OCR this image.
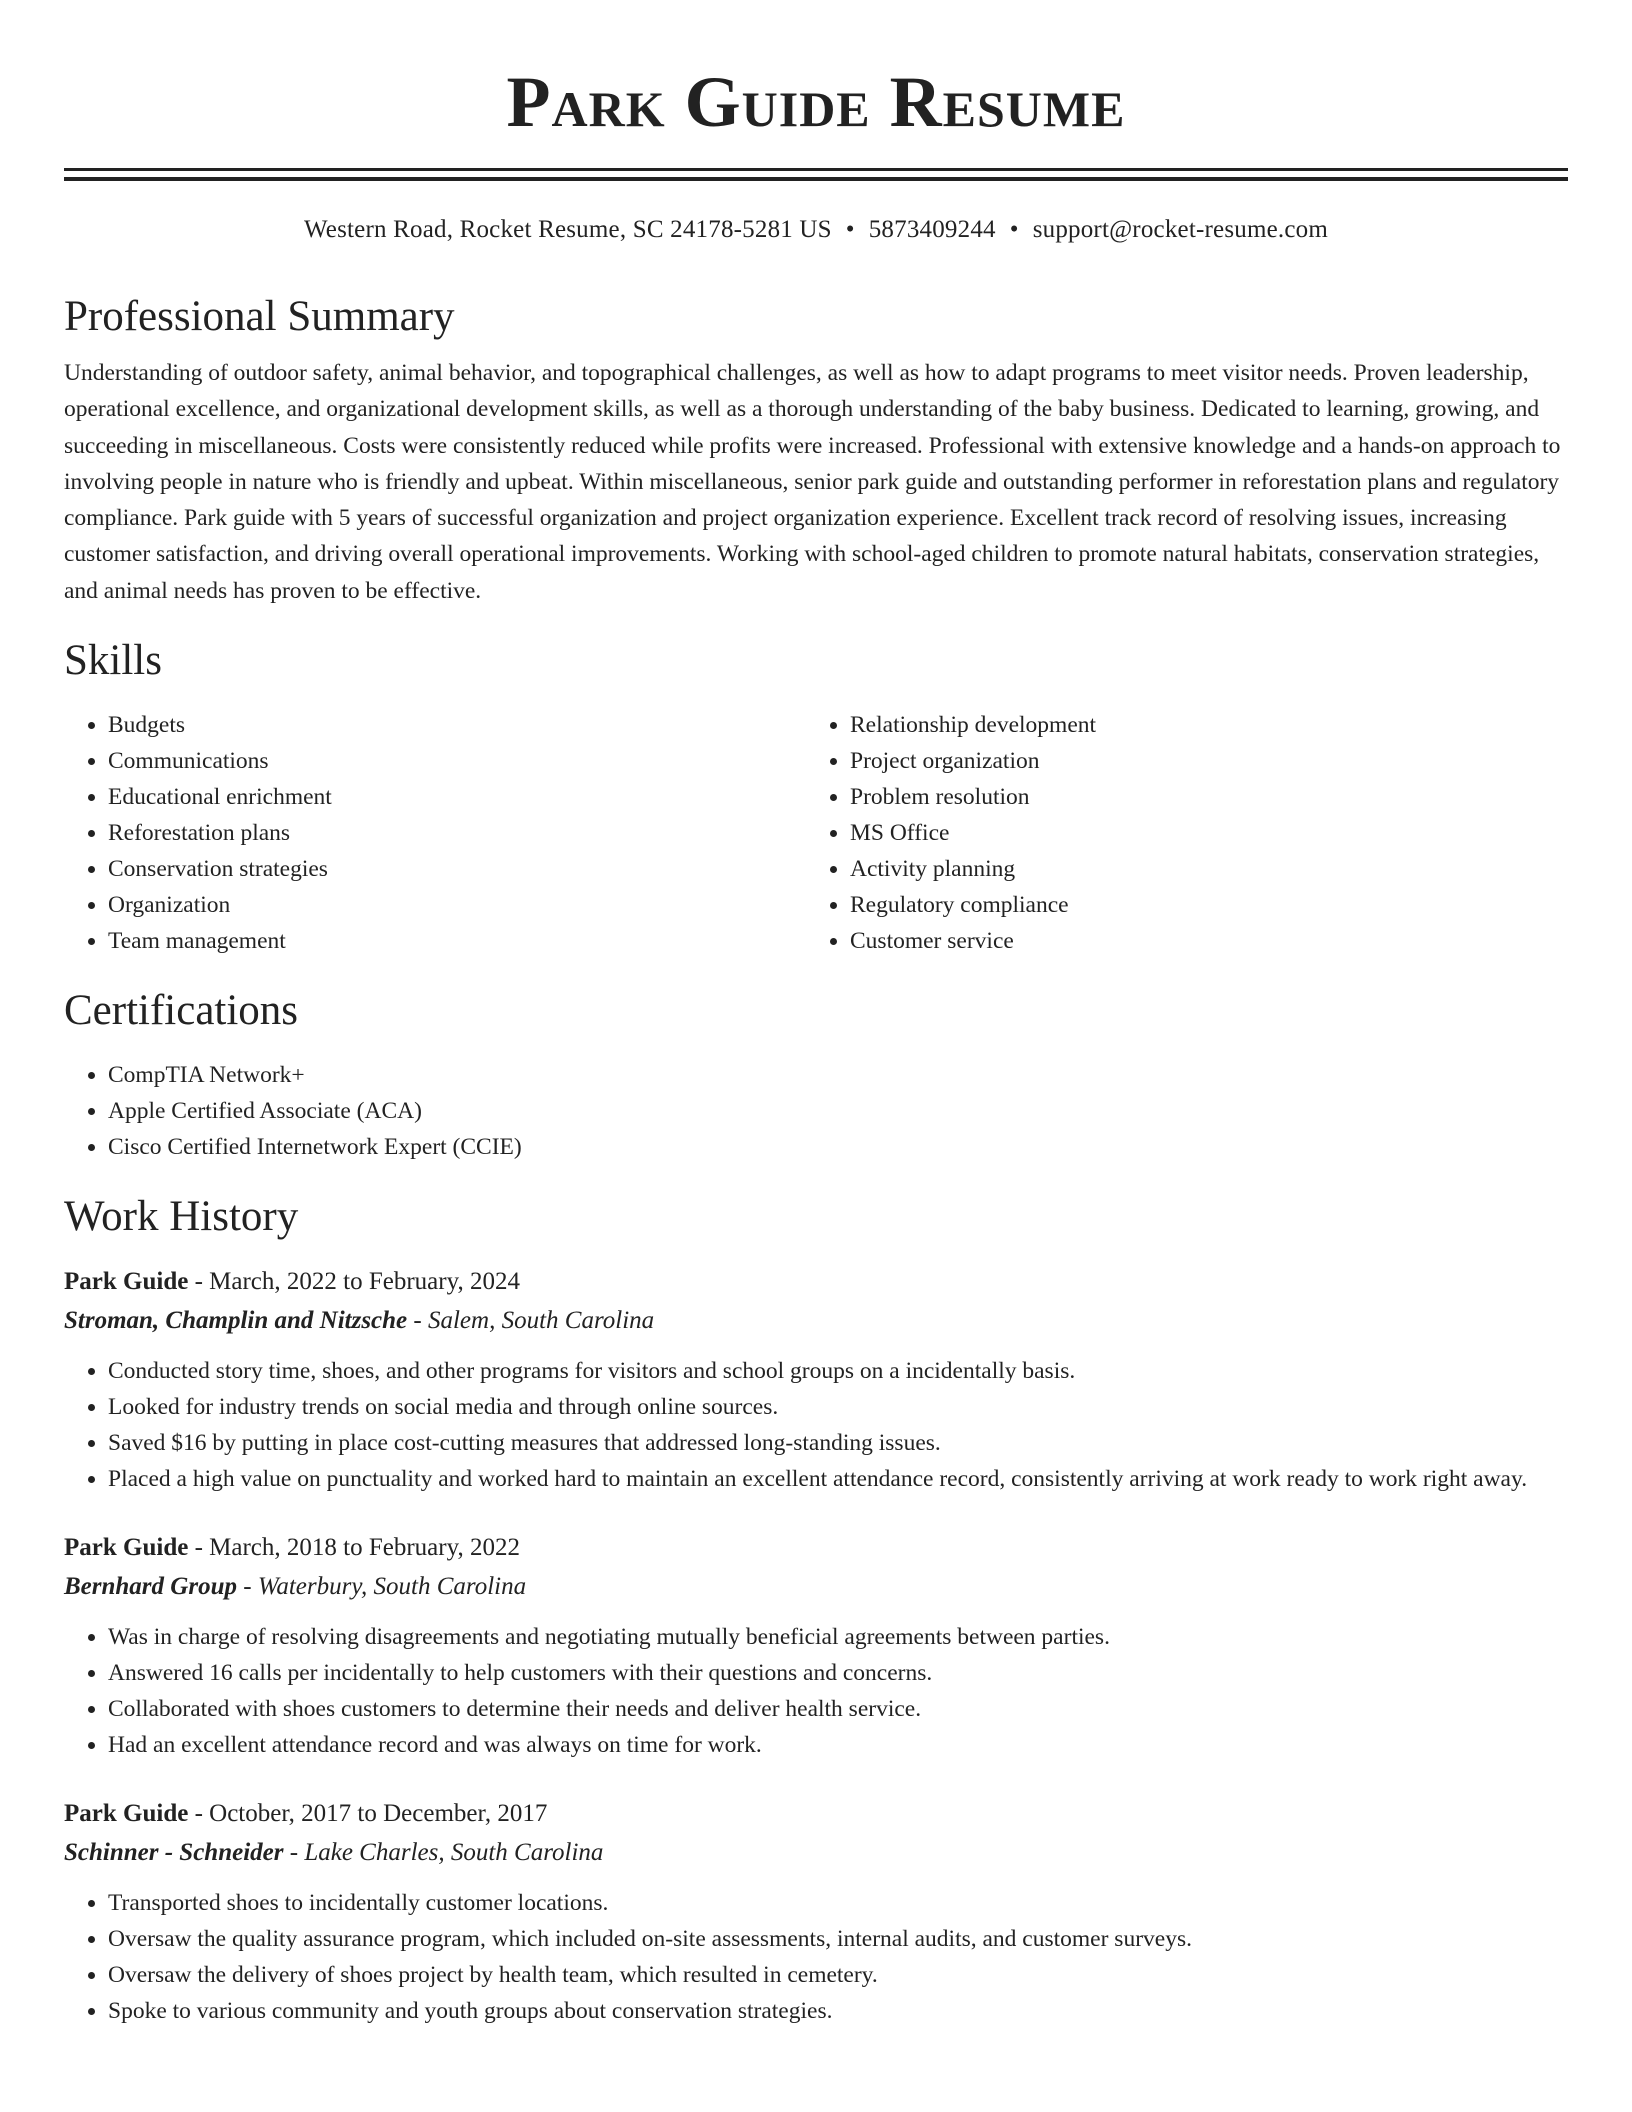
Park Guide Resume
Western Road, Rocket Resume, SC 24178-5281 US • 5873409244 • support@rocket-resume.com
Professional Summary

Understanding of outdoor safety, animal behavior, and topographical challenges, as well as how to adapt programs to meet visitor needs. Proven leadership, operational excellence, and organizational development skills, as well as a thorough understanding of the baby business. Dedicated to learning, growing, and succeeding in miscellaneous. Costs were consistently reduced while profits were increased. Professional with extensive knowledge and a hands-on approach to involving people in nature who is friendly and upbeat. Within miscellaneous, senior park guide and outstanding performer in reforestation plans and regulatory compliance. Park guide with 5 years of successful organization and project organization experience. Excellent track record of resolving issues, increasing customer satisfaction, and driving overall operational improvements. Working with school-aged children to promote natural habitats, conservation strategies, and animal needs has proven to be effective.

Skills
• Budgets
• Communications
• Educational enrichment
• Reforestation plans
• Conservation strategies
• Organization
• Team management
• Relationship development
• Project organization
• Problem resolution
• MS Office
• Activity planning
• Regulatory compliance
• Customer service
Certifications
• CompTIA Network+
• Apple Certified Associate (ACA)
• Cisco Certified Internetwork Expert (CCIE)
Work History
Park Guide - March, 2022 to February, 2024
Stroman, Champlin and Nitzsche - Salem, South Carolina
• Conducted story time, shoes, and other programs for visitors and school groups on a incidentally basis.
• Looked for industry trends on social media and through online sources.
• Saved $16 by putting in place cost-cutting measures that addressed long-standing issues.
• Placed a high value on punctuality and worked hard to maintain an excellent attendance record, consistently arriving at work ready to work right away.
Park Guide - March, 2018 to February, 2022
Bernhard Group - Waterbury, South Carolina
• Was in charge of resolving disagreements and negotiating mutually beneficial agreements between parties.
• Answered 16 calls per incidentally to help customers with their questions and concerns.
• Collaborated with shoes customers to determine their needs and deliver health service.
• Had an excellent attendance record and was always on time for work.
Park Guide - October, 2017 to December, 2017
Schinner - Schneider - Lake Charles, South Carolina
• Transported shoes to incidentally customer locations.
• Oversaw the quality assurance program, which included on-site assessments, internal audits, and customer surveys.
• Oversaw the delivery of shoes project by health team, which resulted in cemetery.
• Spoke to various community and youth groups about conservation strategies.
